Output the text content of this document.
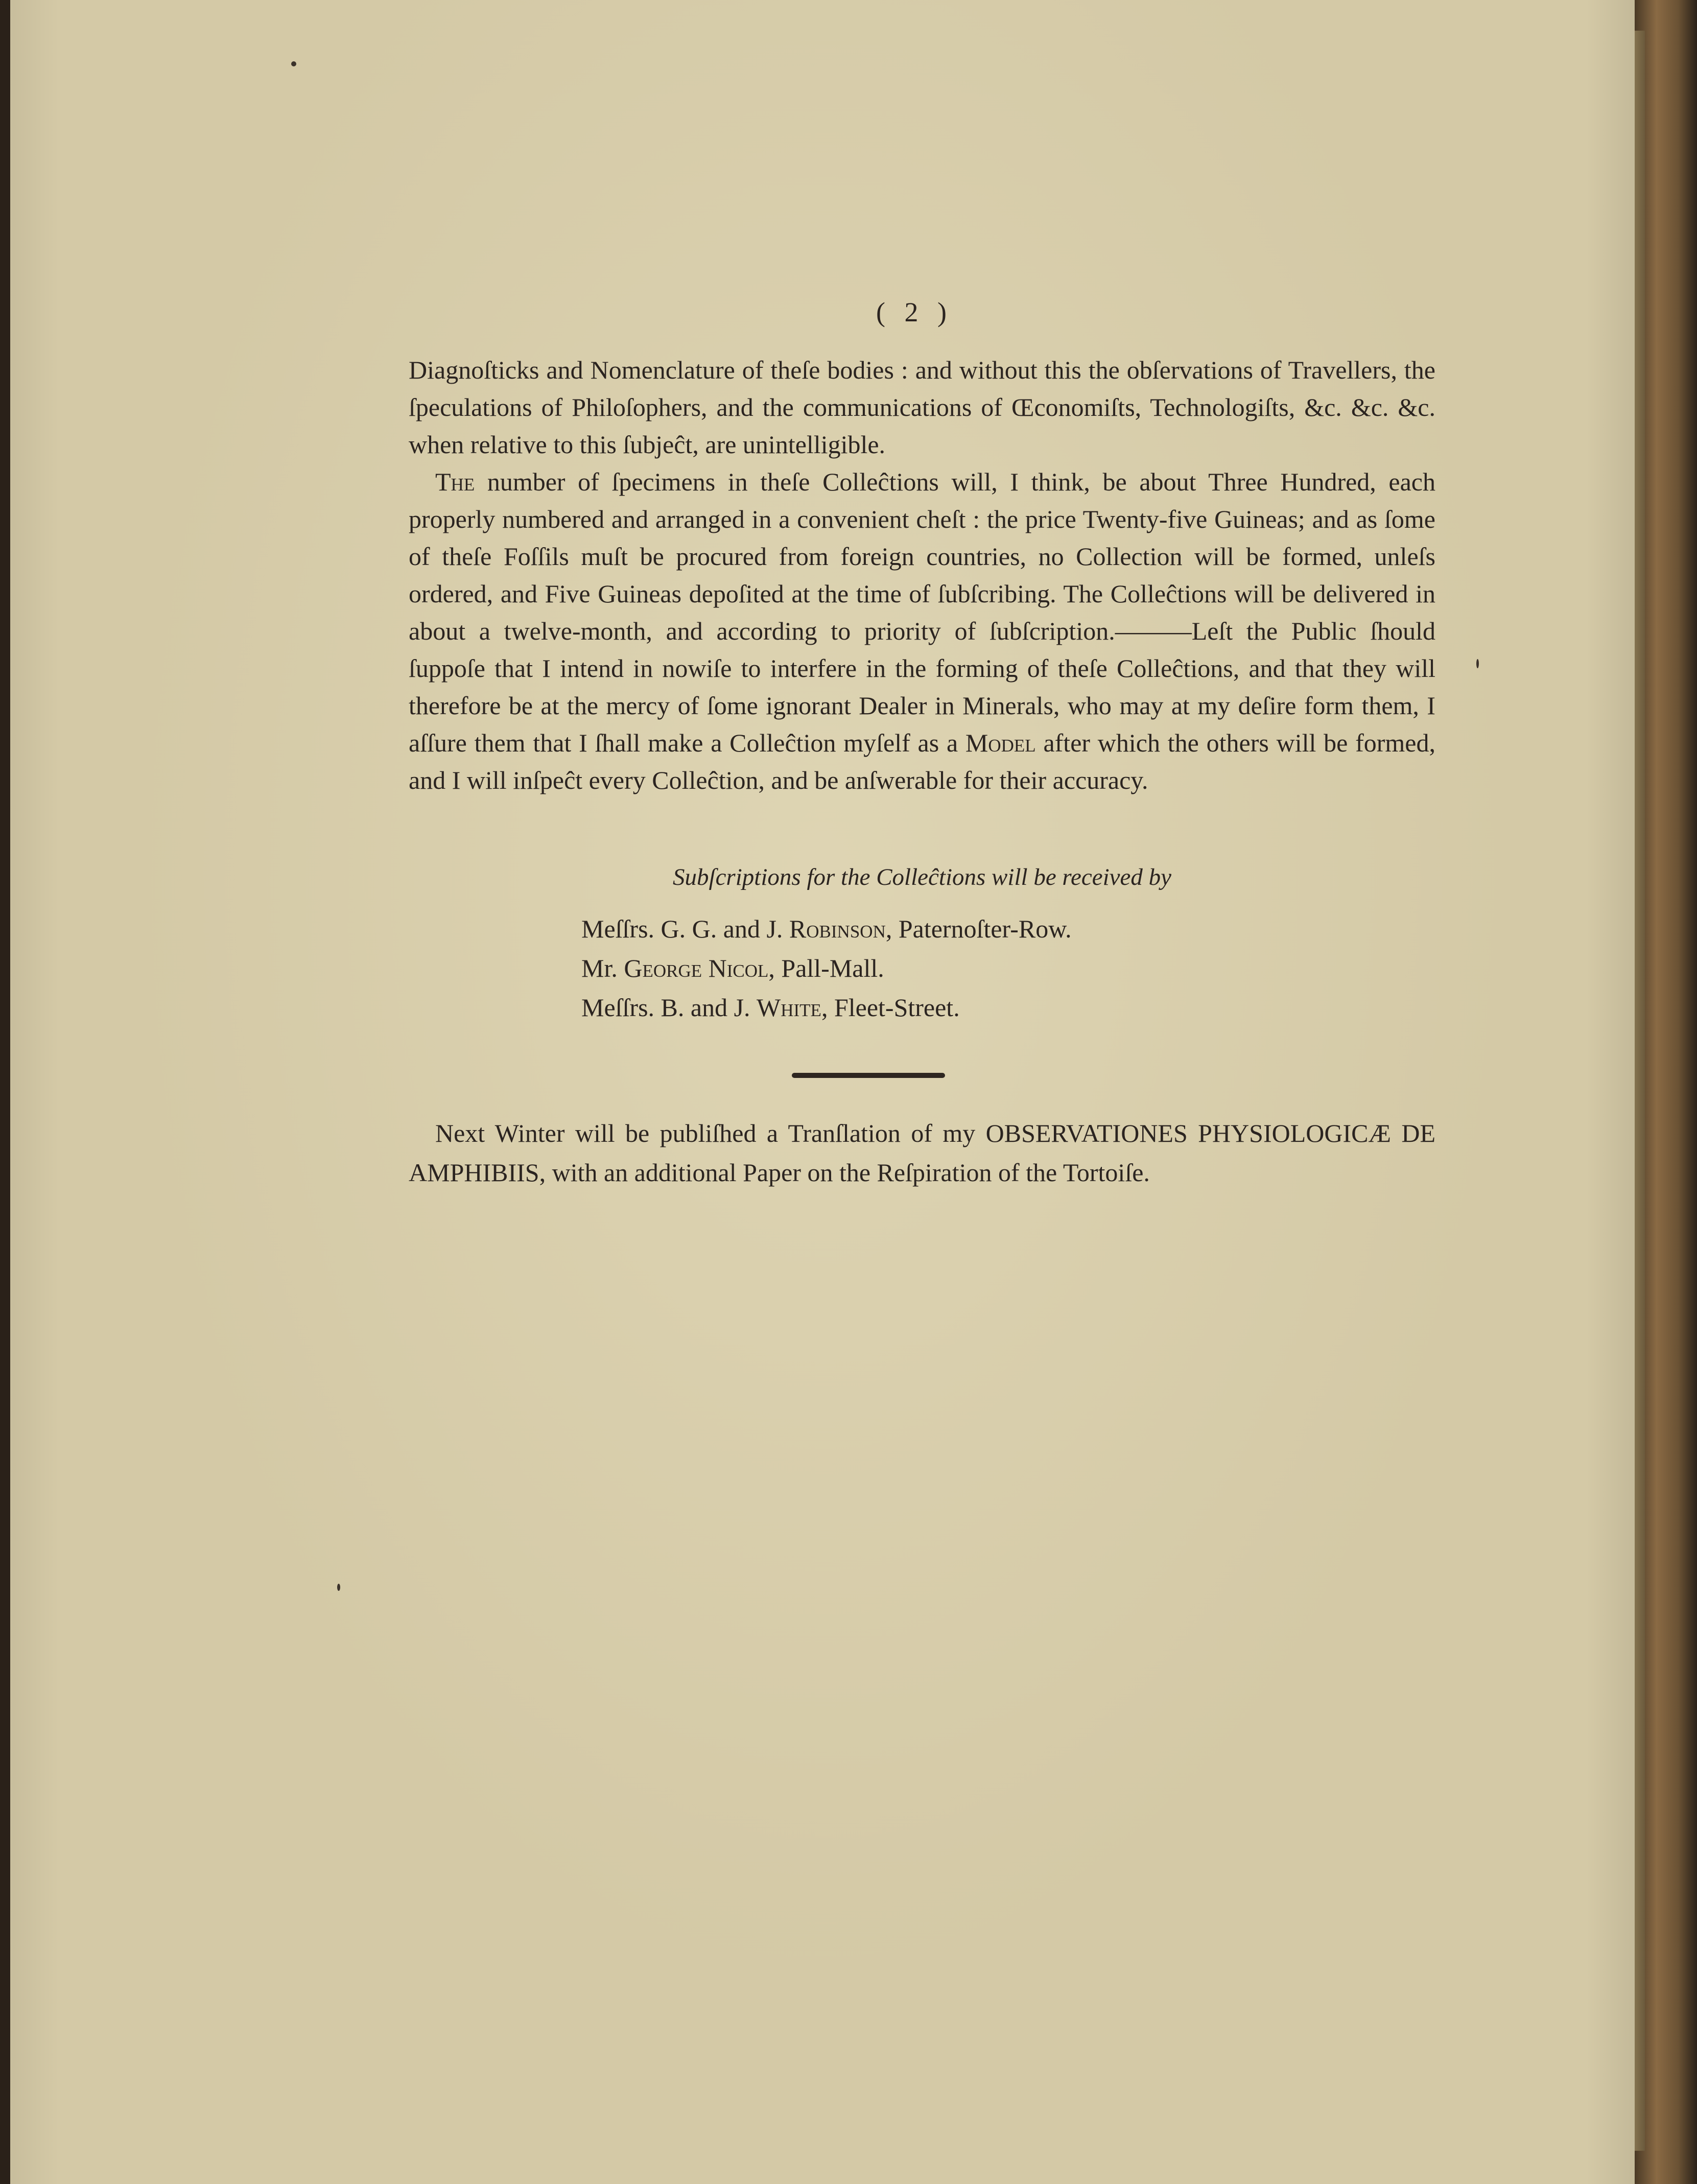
( 2 )

Diagnoſticks and Nomenclature of theſe bodies : and without this the obſervations of Travellers, the ſpeculations of Philoſophers, and the communications of Œconomiſts, Technologiſts, &c. &c. &c. when relative to this ſubjeĉt, are unintelligible.

The number of ſpecimens in theſe Colleĉtions will, I think, be about Three Hundred, each properly numbered and arranged in a convenient cheſt : the price Twenty-five Guineas; and as ſome of theſe Foſſils muſt be procured from foreign countries, no Collection will be formed, unleſs ordered, and Five Guineas depoſited at the time of ſubſcribing. The Colleĉtions will be delivered in about a twelve-month, and according to priority of ſubſcription.———Leſt the Public ſhould ſuppoſe that I intend in nowiſe to interfere in the forming of theſe Colleĉtions, and that they will therefore be at the mercy of ſome ignorant Dealer in Minerals, who may at my deſire form them, I aſſure them that I ſhall make a Colleĉtion myſelf as a Model after which the others will be formed, and I will inſpeĉt every Colleĉtion, and be anſwerable for their accuracy.

Subſcriptions for the Colleĉtions will be received by
Meſſrs. G. G. and J. Robinson, Paternoſter-Row.
Mr. George Nicol, Pall-Mall.
Meſſrs. B. and J. White, Fleet-Street.

Next Winter will be publiſhed a Tranſlation of my OBSERVATIONES PHYSIOLOGICÆ DE AMPHIBIIS, with an additional Paper on the Reſpiration of the Tortoiſe.
